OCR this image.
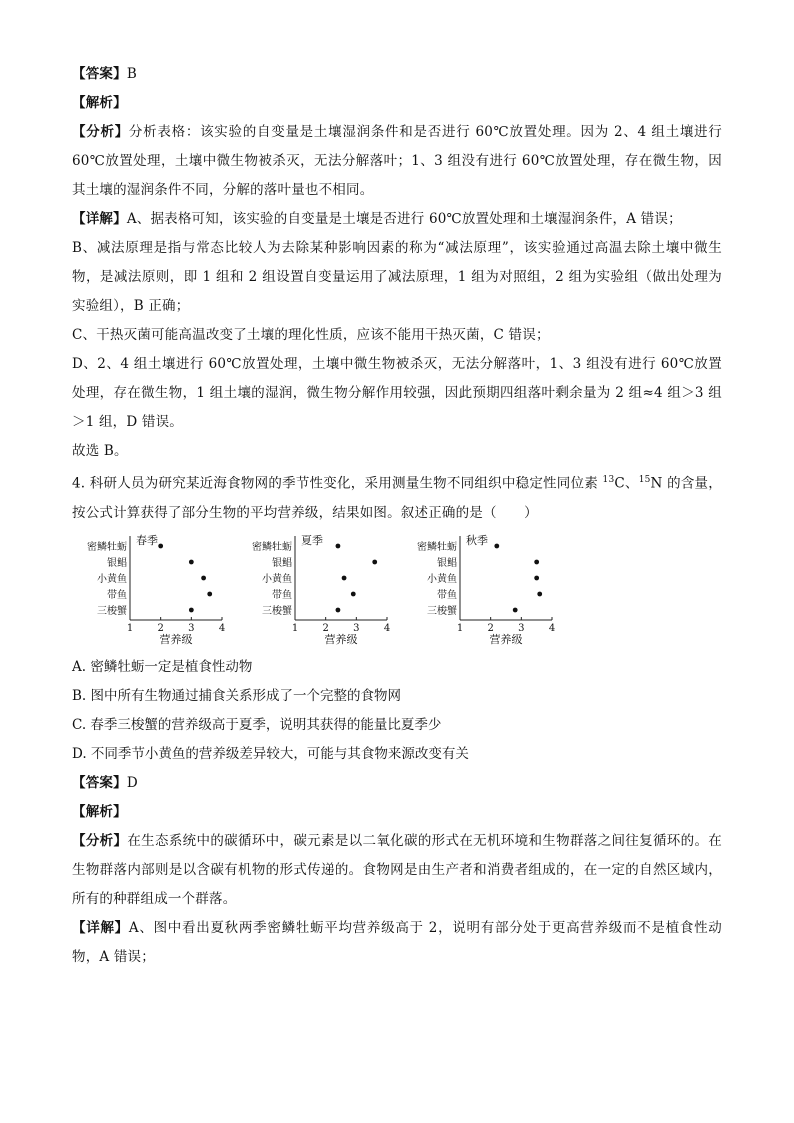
【答案】B

【解析】

【分析】分析表格：该实验的自变量是土壤湿润条件和是否进行 60℃放置处理。因为 2、4 组土壤进行 60℃放置处理，土壤中微生物被杀灭，无法分解落叶；1、3 组没有进行 60℃放置处理，存在微生物，因其土壤的湿润条件不同，分解的落叶量也不相同。

【详解】A、据表格可知，该实验的自变量是土壤是否进行 60℃放置处理和土壤湿润条件，A 错误；

B、减法原理是指与常态比较人为去除某种影响因素的称为“减法原理”，该实验通过高温去除土壤中微生物，是减法原则，即 1 组和 2 组设置自变量运用了减法原理，1 组为对照组，2 组为实验组（做出处理为实验组），B 正确；

C、干热灭菌可能高温改变了土壤的理化性质，应该不能用干热灭菌，C 错误；

D、2、4 组土壤进行 60℃放置处理，土壤中微生物被杀灭，无法分解落叶，1、3 组没有进行 60℃放置处理，存在微生物，1 组土壤的湿润，微生物分解作用较强，因此预期四组落叶剩余量为 2 组≈4 组＞3 组＞1 组，D 错误。

故选 B。

4. 科研人员为研究某近海食物网的季节性变化，采用测量生物不同组织中稳定性同位素 $^{13}$C、$^{15}$N 的含量，按公式计算获得了部分生物的平均营养级，结果如图。叙述正确的是（　　）

春季
密鳞牡蛎
银鲳
小黄鱼
带鱼
三梭蟹
1 2 3 4
营养级
夏季
密鳞牡蛎
银鲳
小黄鱼
带鱼
三梭蟹
1 2 3 4
营养级
秋季
密鳞牡蛎
银鲳
小黄鱼
带鱼
三梭蟹
1 2 3 4
营养级

A. 密鳞牡蛎一定是植食性动物

B. 图中所有生物通过捕食关系形成了一个完整的食物网

C. 春季三梭蟹的营养级高于夏季，说明其获得的能量比夏季少

D. 不同季节小黄鱼的营养级差异较大，可能与其食物来源改变有关

【答案】D

【解析】

【分析】在生态系统中的碳循环中，碳元素是以二氧化碳的形式在无机环境和生物群落之间往复循环的。在生物群落内部则是以含碳有机物的形式传递的。食物网是由生产者和消费者组成的，在一定的自然区域内，所有的种群组成一个群落。

【详解】A、图中看出夏秋两季密鳞牡蛎平均营养级高于 2，说明有部分处于更高营养级而不是植食性动物，A 错误；
